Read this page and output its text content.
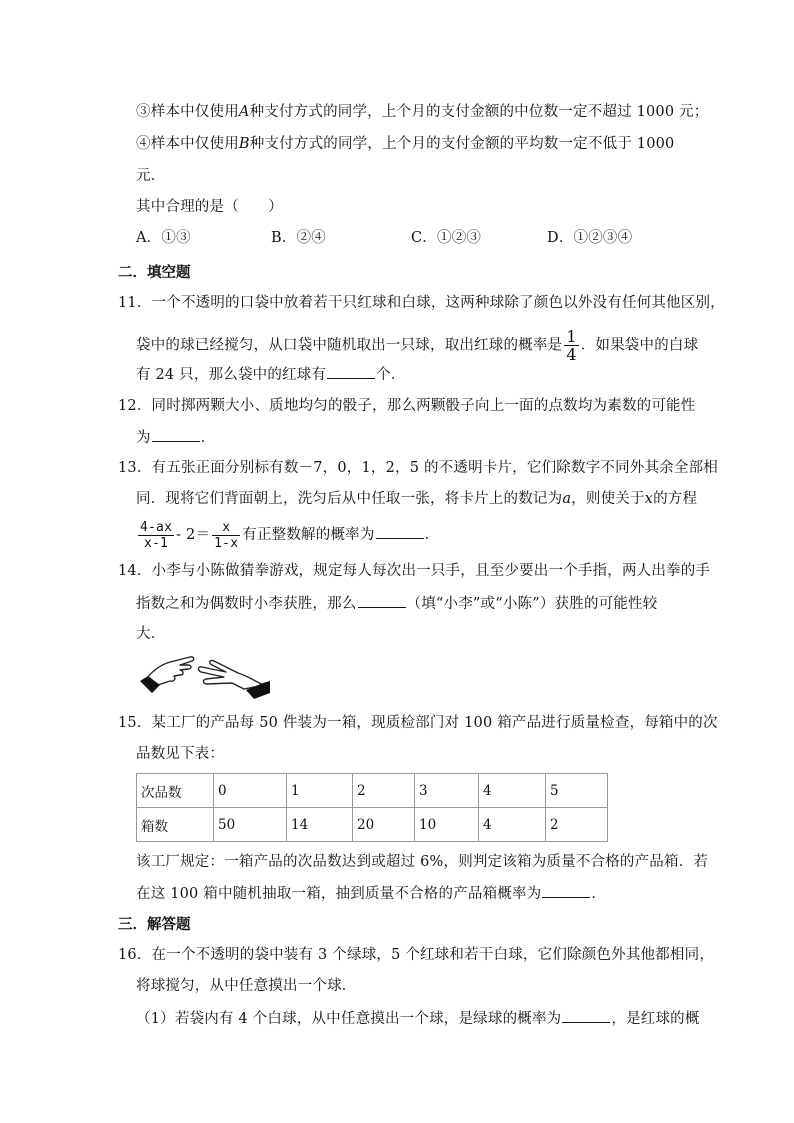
③样本中仅使用A种支付方式的同学，上个月的支付金额的中位数一定不超过 1000 元；
④样本中仅使用B种支付方式的同学，上个月的支付金额的平均数一定不低于 1000
元．
其中合理的是（　　）
A．①③	B．②④	C．①②③	D．①②③④
二．填空题
11．一个不透明的口袋中放着若干只红球和白球，这两种球除了颜色以外没有任何其他区别，
袋中的球已经搅匀，从口袋中随机取出一只球，取出红球的概率是 $\frac{1}{4}$ ．如果袋中的白球
有 24 只，那么袋中的红球有	个．
12．同时掷两颗大小、质地均匀的骰子，那么两颗骰子向上一面的点数均为素数的可能性
为	．
13．有五张正面分别标有数－7，0，1，2，5 的不透明卡片，它们除数字不同外其余全部相
同．现将它们背面朝上，洗匀后从中任取一张，将卡片上的数记为a，则使关于x的方程
$\frac{4-ax}{x-1} - 2= \frac{x}{1-x}$ 有正整数解的概率为	．
14．小李与小陈做猜拳游戏，规定每人每次出一只手，且至少要出一个手指，两人出拳的手
指数之和为偶数时小李获胜，那么	（填“小李”或“小陈”）获胜的可能性较
大．
15．某工厂的产品每 50 件装为一箱，现质检部门对 100 箱产品进行质量检查，每箱中的次
品数见下表：
次品数	0	1	2	3	4	5
箱数	50	14	20	10	4	2
该工厂规定：一箱产品的次品数达到或超过 6%，则判定该箱为质量不合格的产品箱．若
在这 100 箱中随机抽取一箱，抽到质量不合格的产品箱概率为	．
三．解答题
16．在一个不透明的袋中装有 3 个绿球，5 个红球和若干白球，它们除颜色外其他都相同，
将球搅匀，从中任意摸出一个球．
（1）若袋内有 4 个白球，从中任意摸出一个球，是绿球的概率为	，是红球的概
